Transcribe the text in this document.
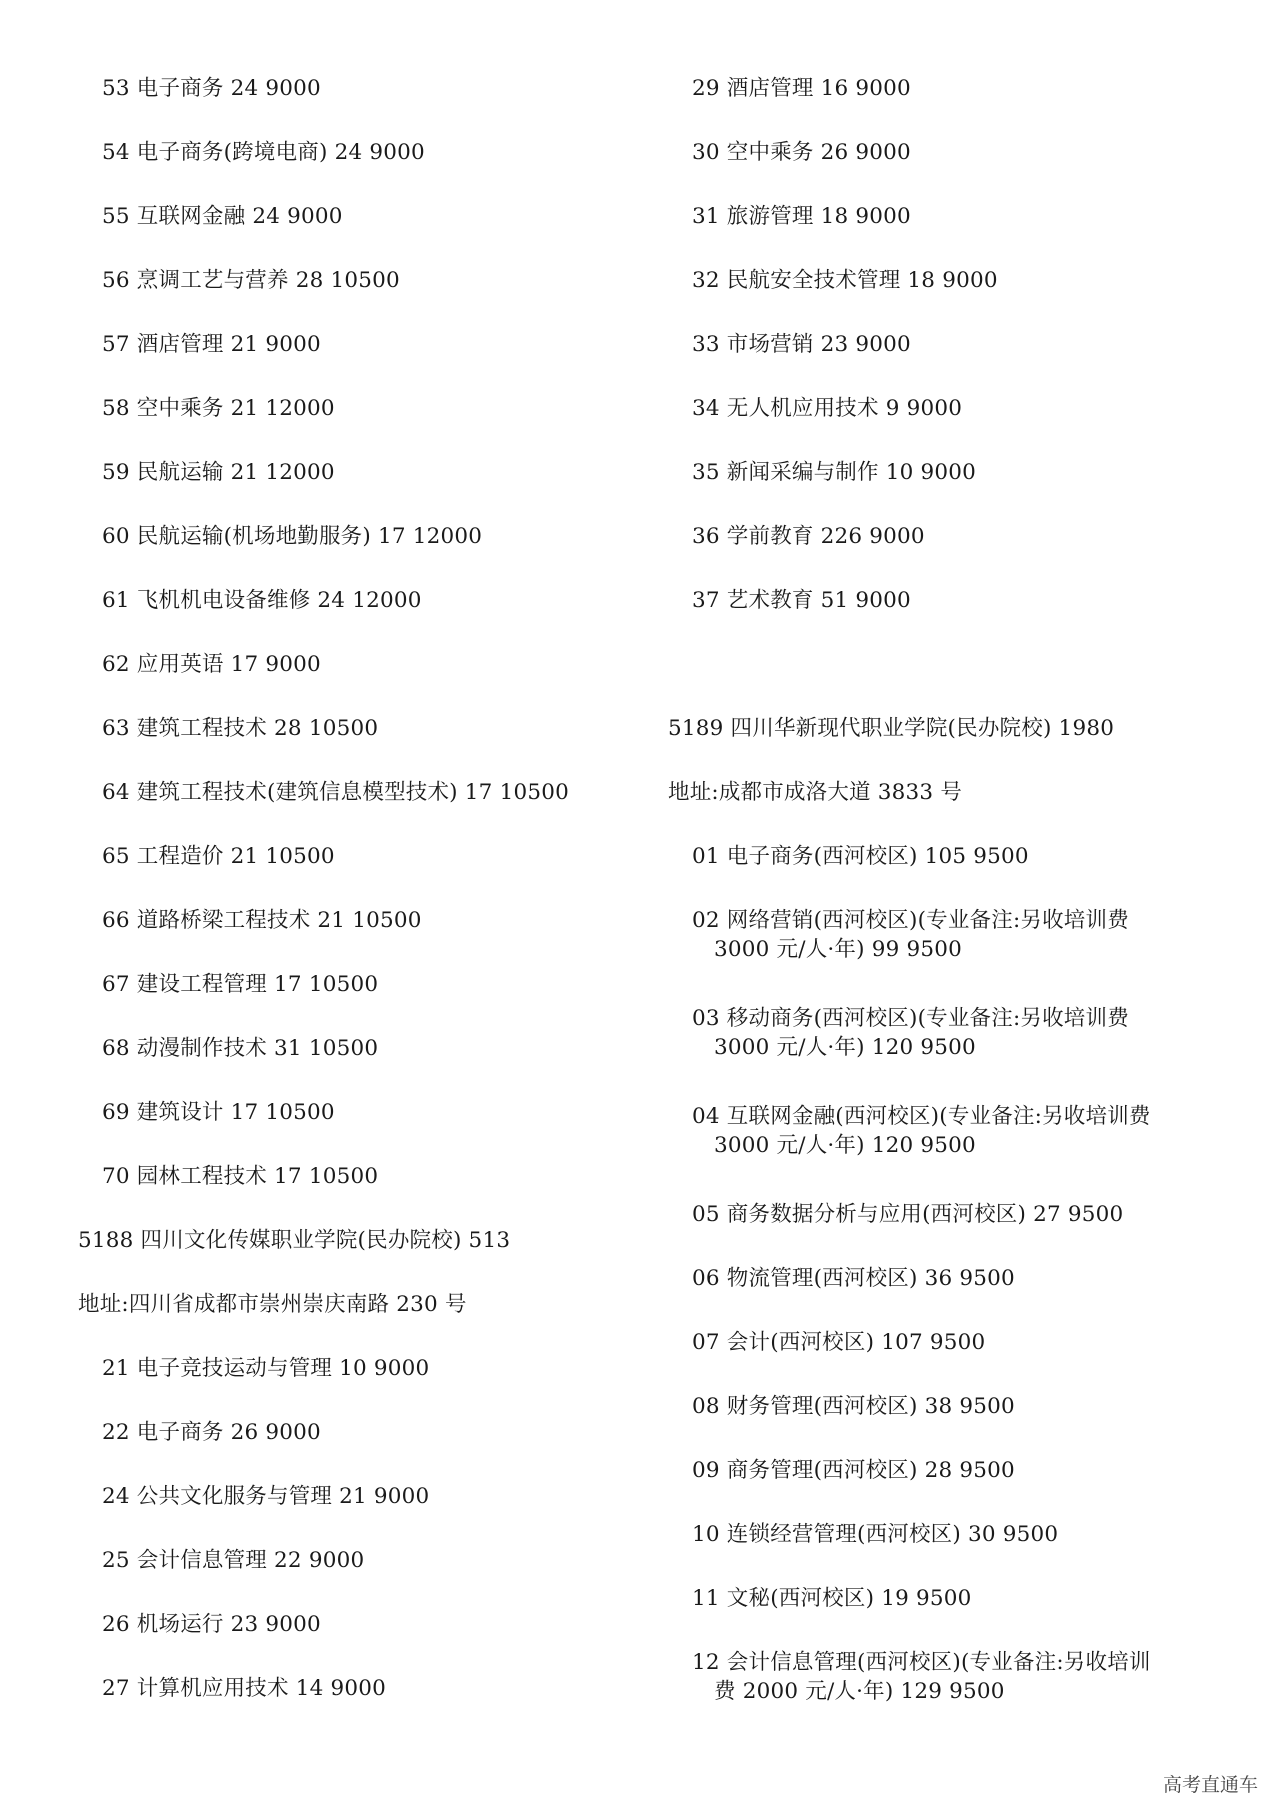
53 电子商务 24 9000
54 电子商务(跨境电商) 24 9000
55 互联网金融 24 9000
56 烹调工艺与营养 28 10500
57 酒店管理 21 9000
58 空中乘务 21 12000
59 民航运输 21 12000
60 民航运输(机场地勤服务) 17 12000
61 飞机机电设备维修 24 12000
62 应用英语 17 9000
63 建筑工程技术 28 10500
64 建筑工程技术(建筑信息模型技术) 17 10500
65 工程造价 21 10500
66 道路桥梁工程技术 21 10500
67 建设工程管理 17 10500
68 动漫制作技术 31 10500
69 建筑设计 17 10500
70 园林工程技术 17 10500
5188 四川文化传媒职业学院(民办院校) 513
地址:四川省成都市崇州崇庆南路 230 号
21 电子竞技运动与管理 10 9000
22 电子商务 26 9000
24 公共文化服务与管理 21 9000
25 会计信息管理 22 9000
26 机场运行 23 9000
27 计算机应用技术 14 9000
29 酒店管理 16 9000
30 空中乘务 26 9000
31 旅游管理 18 9000
32 民航安全技术管理 18 9000
33 市场营销 23 9000
34 无人机应用技术 9 9000
35 新闻采编与制作 10 9000
36 学前教育 226 9000
37 艺术教育 51 9000
5189 四川华新现代职业学院(民办院校) 1980
地址:成都市成洛大道 3833 号
01 电子商务(西河校区) 105 9500
02 网络营销(西河校区)(专业备注:另收培训费
3000 元/人·年) 99 9500
03 移动商务(西河校区)(专业备注:另收培训费
3000 元/人·年) 120 9500
04 互联网金融(西河校区)(专业备注:另收培训费
3000 元/人·年) 120 9500
05 商务数据分析与应用(西河校区) 27 9500
06 物流管理(西河校区) 36 9500
07 会计(西河校区) 107 9500
08 财务管理(西河校区) 38 9500
09 商务管理(西河校区) 28 9500
10 连锁经营管理(西河校区) 30 9500
11 文秘(西河校区) 19 9500
12 会计信息管理(西河校区)(专业备注:另收培训
费 2000 元/人·年) 129 9500
高考直通车
